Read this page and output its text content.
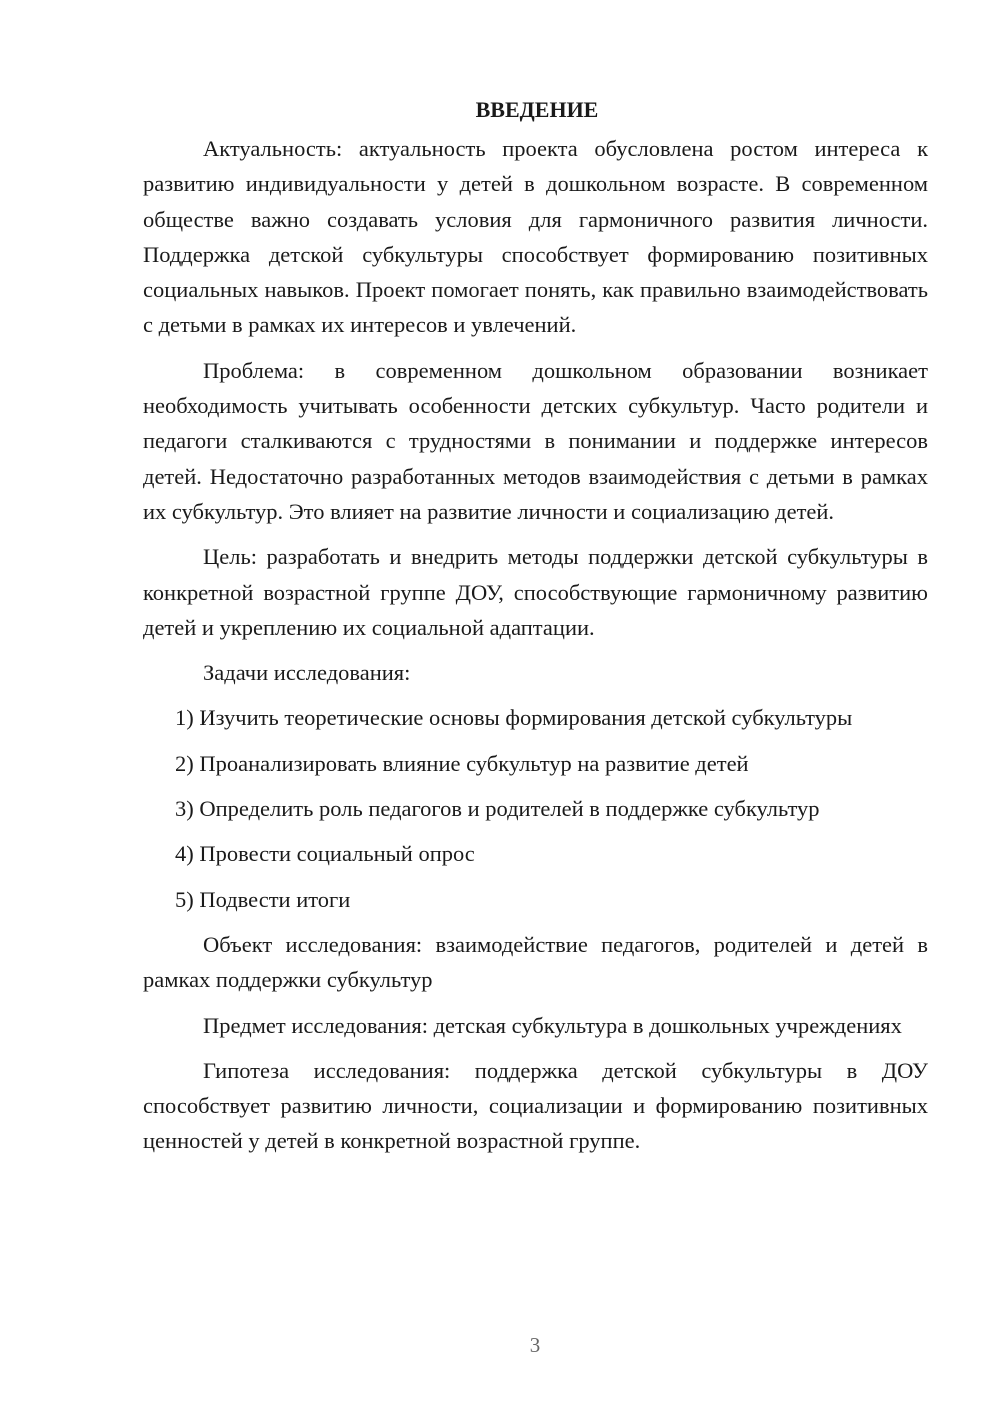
ВВЕДЕНИЕ

Актуальность: актуальность проекта обусловлена ростом интереса к развитию индивидуальности у детей в дошкольном возрасте. В современном обществе важно создавать условия для гармоничного развития личности. Поддержка детской субкультуры способствует формированию позитивных социальных навыков. Проект помогает понять, как правильно взаимодействовать с детьми в рамках их интересов и увлечений.

Проблема: в современном дошкольном образовании возникает необходимость учитывать особенности детских субкультур. Часто родители и педагоги сталкиваются с трудностями в понимании и поддержке интересов детей. Недостаточно разработанных методов взаимодействия с детьми в рамках их субкультур. Это влияет на развитие личности и социализацию детей.

Цель: разработать и внедрить методы поддержки детской субкультуры в конкретной возрастной группе ДОУ, способствующие гармоничному развитию детей и укреплению их социальной адаптации.

Задачи исследования:

1) Изучить теоретические основы формирования детской субкультуры
2) Проанализировать влияние субкультур на развитие детей
3) Определить роль педагогов и родителей в поддержке субкультур
4) Провести социальный опрос
5) Подвести итоги

Объект исследования: взаимодействие педагогов, родителей и детей в рамках поддержки субкультур

Предмет исследования: детская субкультура в дошкольных учреждениях

Гипотеза исследования: поддержка детской субкультуры в ДОУ способствует развитию личности, социализации и формированию позитивных ценностей у детей в конкретной возрастной группе.

3
